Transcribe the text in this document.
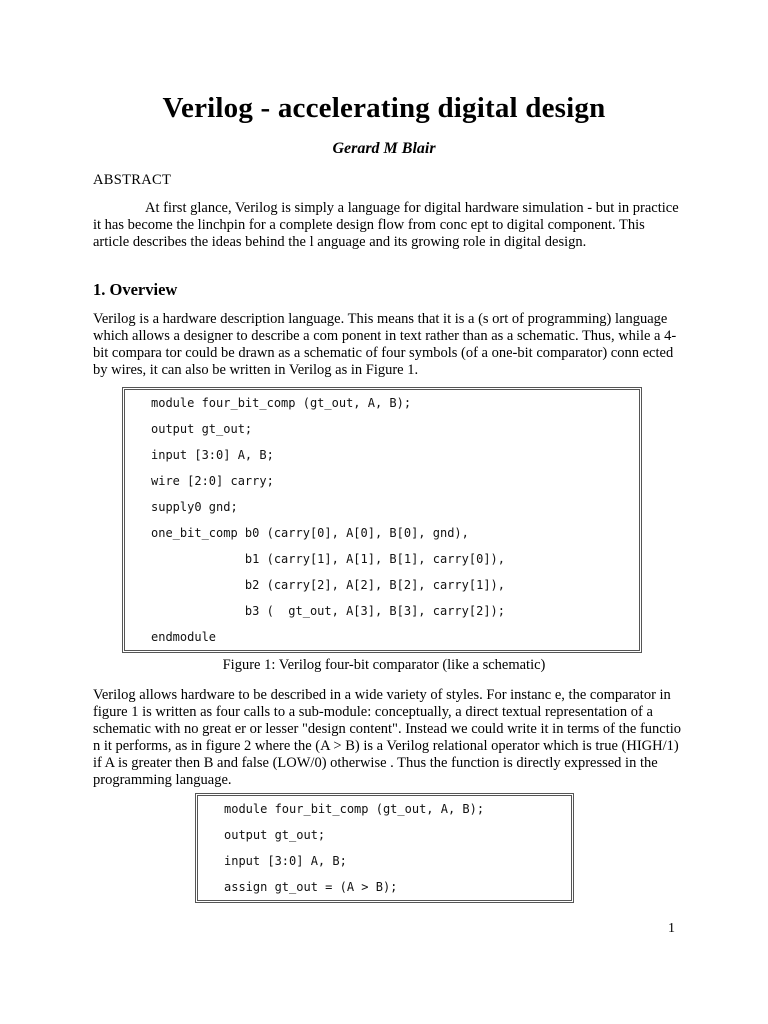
Verilog - accelerating digital design
Gerard M Blair
ABSTRACT
At first glance, Verilog is simply a language for digital hardware simulation - but in practice it has become the linchpin for a complete design flow from conc ept to digital component. This article describes the ideas behind the l anguage and its growing role in digital design.
1. Overview
Verilog is a hardware description language. This means that it is a (s ort of programming) language which allows a designer to describe a com ponent in text rather than as a schematic. Thus, while a 4-bit compara tor could be drawn as a schematic of four symbols (of a one-bit comparator) conn ected by wires, it can also be written in Verilog as in Figure 1.
module four_bit_comp (gt_out, A, B);
output gt_out;
input [3:0] A, B;
wire [2:0] carry;
supply0 gnd;
one_bit_comp b0 (carry[0], A[0], B[0], gnd),
b1 (carry[1], A[1], B[1], carry[0]),
b2 (carry[2], A[2], B[2], carry[1]),
b3 (  gt_out, A[3], B[3], carry[2]);
endmodule
Figure 1: Verilog four-bit comparator (like a schematic)
Verilog allows hardware to be described in a wide variety of styles. For instanc e, the comparator in figure 1 is written as four calls to a sub-module: conceptually, a direct textual representation of a schematic with no great er or lesser "design content". Instead we could write it in terms of the functio n it performs, as in figure 2 where the (A > B) is a Verilog relational operator which is true (HIGH/1) if A is greater then B and false (LOW/0) otherwise . Thus the function is directly expressed in the programming language.
module four_bit_comp (gt_out, A, B);
output gt_out;
input [3:0] A, B;
assign gt_out = (A > B);
1
